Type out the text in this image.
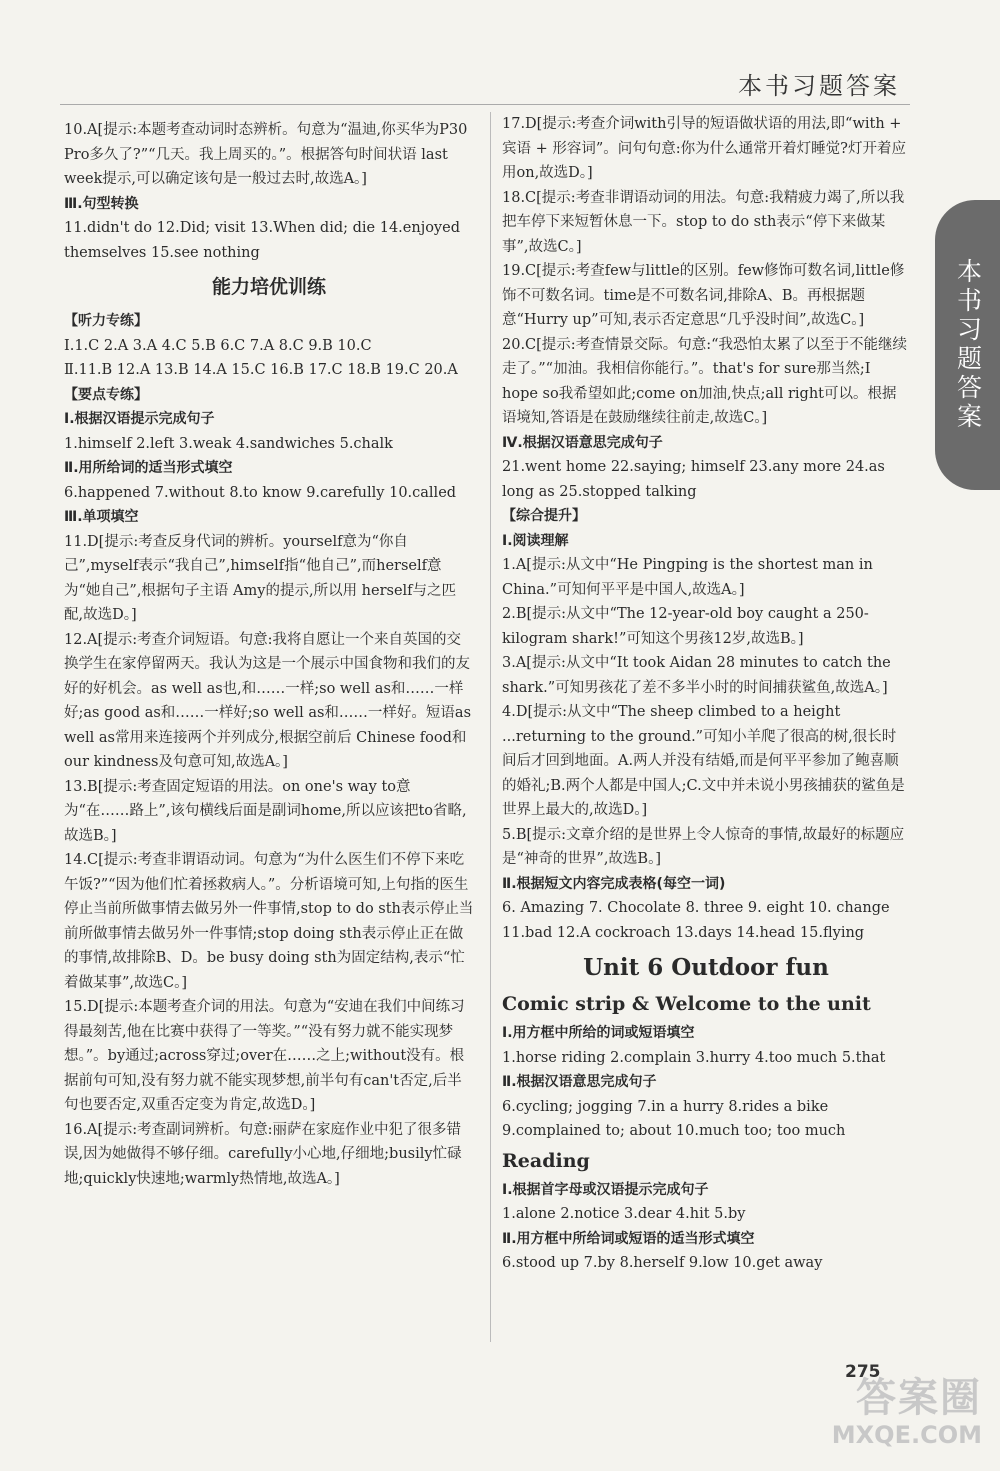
本书习题答案
本书习题答案

10.A[提示:本题考查动词时态辨析。句意为“温迪,你买华为P30 Pro多久了?”“几天。我上周买的。”。根据答句时间状语 last week提示,可以确定该句是一般过去时,故选A。]

Ⅲ.句型转换

11.didn't do 12.Did; visit 13.When did; die 14.enjoyed themselves 15.see nothing

能力培优训练

【听力专练】

Ⅰ.1.C 2.A 3.A 4.C 5.B 6.C 7.A 8.C 9.B 10.C

Ⅱ.11.B 12.A 13.B 14.A 15.C 16.B 17.C 18.B 19.C 20.A

【要点专练】

Ⅰ.根据汉语提示完成句子

1.himself 2.left 3.weak 4.sandwiches 5.chalk

Ⅱ.用所给词的适当形式填空

6.happened 7.without 8.to know 9.carefully 10.called

Ⅲ.单项填空

11.D[提示:考查反身代词的辨析。yourself意为“你自己”,myself表示“我自己”,himself指“他自己”,而herself意为“她自己”,根据句子主语 Amy的提示,所以用 herself与之匹配,故选D。]

12.A[提示:考查介词短语。句意:我将自愿让一个来自英国的交换学生在家停留两天。我认为这是一个展示中国食物和我们的友好的好机会。as well as也,和……一样;so well as和……一样好;as good as和……一样好;so well as和……一样好。短语as well as常用来连接两个并列成分,根据空前后 Chinese food和 our kindness及句意可知,故选A。]

13.B[提示:考查固定短语的用法。on one's way to意为“在……路上”,该句横线后面是副词home,所以应该把to省略,故选B。]

14.C[提示:考查非谓语动词。句意为“为什么医生们不停下来吃午饭?”“因为他们忙着拯救病人。”。分析语境可知,上句指的医生停止当前所做事情去做另外一件事情,stop to do sth表示停止当前所做事情去做另外一件事情;stop doing sth表示停止正在做的事情,故排除B、D。be busy doing sth为固定结构,表示“忙着做某事”,故选C。]

15.D[提示:本题考查介词的用法。句意为“安迪在我们中间练习得最刻苦,他在比赛中获得了一等奖。”“没有努力就不能实现梦想。”。by通过;across穿过;over在……之上;without没有。根据前句可知,没有努力就不能实现梦想,前半句有can't否定,后半句也要否定,双重否定变为肯定,故选D。]

16.A[提示:考查副词辨析。句意:丽萨在家庭作业中犯了很多错误,因为她做得不够仔细。carefully小心地,仔细地;busily忙碌地;quickly快速地;warmly热情地,故选A。]

17.D[提示:考查介词with引导的短语做状语的用法,即“with + 宾语 + 形容词”。问句句意:你为什么通常开着灯睡觉?灯开着应用on,故选D。]

18.C[提示:考查非谓语动词的用法。句意:我精疲力竭了,所以我把车停下来短暂休息一下。stop to do sth表示“停下来做某事”,故选C。]

19.C[提示:考查few与little的区别。few修饰可数名词,little修饰不可数名词。time是不可数名词,排除A、B。再根据题意“Hurry up”可知,表示否定意思“几乎没时间”,故选C。]

20.C[提示:考查情景交际。句意:“我恐怕太累了以至于不能继续走了。”“加油。我相信你能行。”。that's for sure那当然;I hope so我希望如此;come on加油,快点;all right可以。根据语境知,答语是在鼓励继续往前走,故选C。]

Ⅳ.根据汉语意思完成句子

21.went home 22.saying; himself 23.any more 24.as long as 25.stopped talking

【综合提升】

Ⅰ.阅读理解

1.A[提示:从文中“He Pingping is the shortest man in China.”可知何平平是中国人,故选A。]

2.B[提示:从文中“The 12-year-old boy caught a 250-kilogram shark!”可知这个男孩12岁,故选B。]

3.A[提示:从文中“It took Aidan 28 minutes to catch the shark.”可知男孩花了差不多半小时的时间捕获鲨鱼,故选A。]

4.D[提示:从文中“The sheep climbed to a height ...returning to the ground.”可知小羊爬了很高的树,很长时间后才回到地面。A.两人并没有结婚,而是何平平参加了鲍喜顺的婚礼;B.两个人都是中国人;C.文中并未说小男孩捕获的鲨鱼是世界上最大的,故选D。]

5.B[提示:文章介绍的是世界上令人惊奇的事情,故最好的标题应是“神奇的世界”,故选B。]

Ⅱ.根据短文内容完成表格(每空一词)

6. Amazing 7. Chocolate 8. three 9. eight 10. change 11.bad 12.A cockroach 13.days 14.head 15.flying

Unit 6 Outdoor fun

Comic strip & Welcome to the unit

Ⅰ.用方框中所给的词或短语填空

1.horse riding 2.complain 3.hurry 4.too much 5.that

Ⅱ.根据汉语意思完成句子

6.cycling; jogging 7.in a hurry 8.rides a bike 9.complained to; about 10.much too; too much

Reading

Ⅰ.根据首字母或汉语提示完成句子

1.alone 2.notice 3.dear 4.hit 5.by

Ⅱ.用方框中所给词或短语的适当形式填空

6.stood up 7.by 8.herself 9.low 10.get away

275
答案圈
MXQE.COM
